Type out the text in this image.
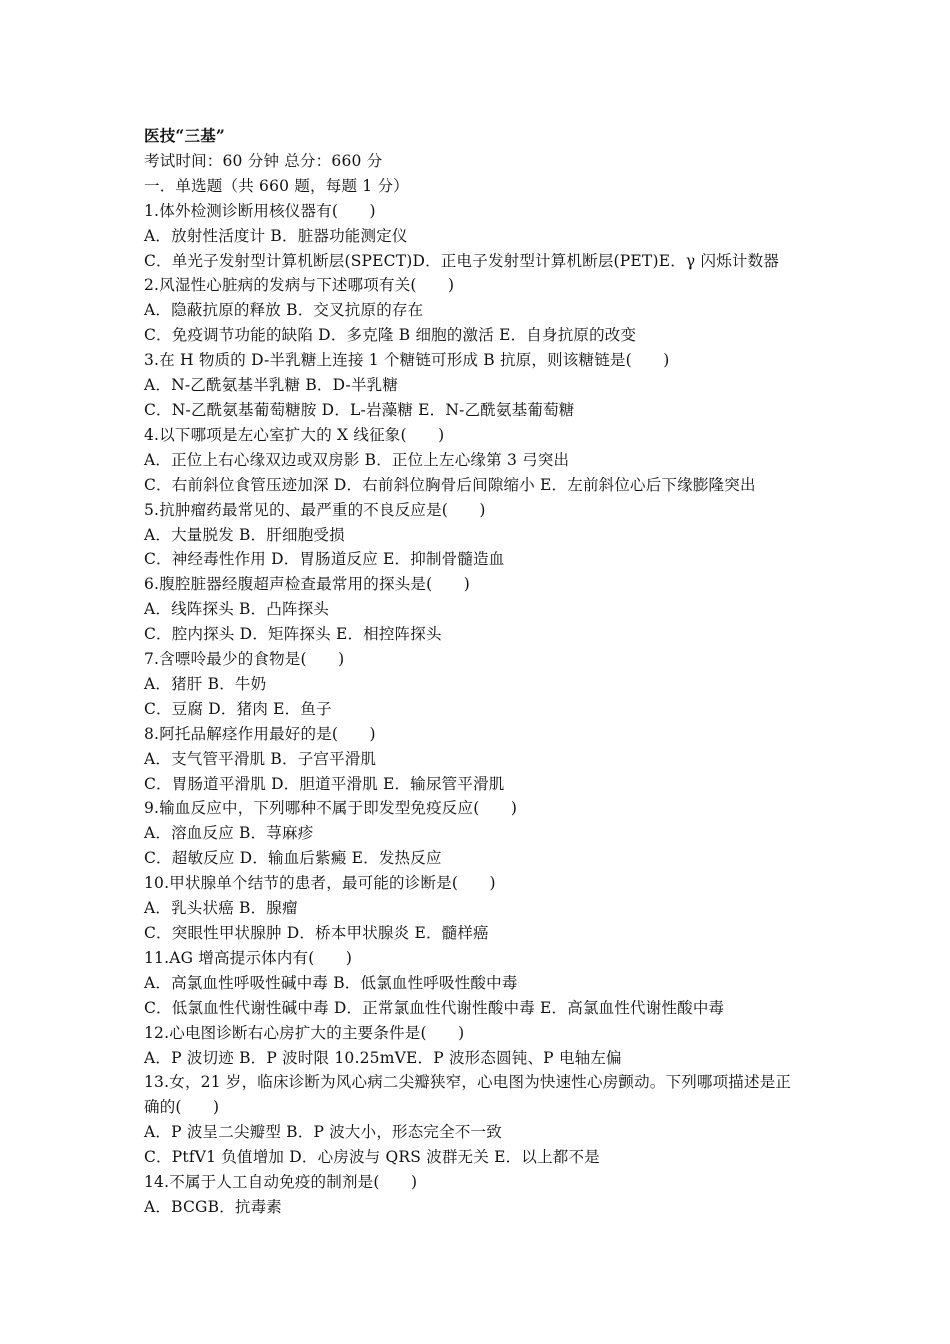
医技“三基”
考试时间：60 分钟 总分：660 分
一．单选题（共 660 题，每题 1 分）
1.体外检测诊断用核仪器有(　　)
A．放射性活度计 B．脏器功能测定仪
C．单光子发射型计算机断层(SPECT)D．正电子发射型计算机断层(PET)E．γ 闪烁计数器
2.风湿性心脏病的发病与下述哪项有关(　　)
A．隐蔽抗原的释放 B．交叉抗原的存在
C．免疫调节功能的缺陷 D．多克隆 B 细胞的激活 E．自身抗原的改变
3.在 H 物质的 D-半乳糖上连接 1 个糖链可形成 B 抗原，则该糖链是(　　)
A．N-乙酰氨基半乳糖 B．D-半乳糖
C．N-乙酰氨基葡萄糖胺 D．L-岩藻糖 E．N-乙酰氨基葡萄糖
4.以下哪项是左心室扩大的 X 线征象(　　)
A．正位上右心缘双边或双房影 B．正位上左心缘第 3 弓突出
C．右前斜位食管压迹加深 D．右前斜位胸骨后间隙缩小 E．左前斜位心后下缘膨隆突出
5.抗肿瘤药最常见的、最严重的不良反应是(　　)
A．大量脱发 B．肝细胞受损
C．神经毒性作用 D．胃肠道反应 E．抑制骨髓造血
6.腹腔脏器经腹超声检查最常用的探头是(　　)
A．线阵探头 B．凸阵探头
C．腔内探头 D．矩阵探头 E．相控阵探头
7.含嘌呤最少的食物是(　　)
A．猪肝 B．牛奶
C．豆腐 D．猪肉 E．鱼子
8.阿托品解痉作用最好的是(　　)
A．支气管平滑肌 B．子宫平滑肌
C．胃肠道平滑肌 D．胆道平滑肌 E．输尿管平滑肌
9.输血反应中，下列哪种不属于即发型免疫反应(　　)
A．溶血反应 B．荨麻疹
C．超敏反应 D．输血后紫癜 E．发热反应
10.甲状腺单个结节的患者，最可能的诊断是(　　)
A．乳头状癌 B．腺瘤
C．突眼性甲状腺肿 D．桥本甲状腺炎 E．髓样癌
11.AG 增高提示体内有(　　)
A．高氯血性呼吸性碱中毒 B．低氯血性呼吸性酸中毒
C．低氯血性代谢性碱中毒 D．正常氯血性代谢性酸中毒 E．高氯血性代谢性酸中毒
12.心电图诊断右心房扩大的主要条件是(　　)
A．P 波切迹 B．P 波时限 10.25mVE．P 波形态圆钝、P 电轴左偏
13.女，21 岁，临床诊断为风心病二尖瓣狭窄，心电图为快速性心房颤动。下列哪项描述是正
确的(　　)
A．P 波呈二尖瓣型 B．P 波大小，形态完全不一致
C．PtfV1 负值增加 D．心房波与 QRS 波群无关 E．以上都不是
14.不属于人工自动免疫的制剂是(　　)
A．BCGB．抗毒素
